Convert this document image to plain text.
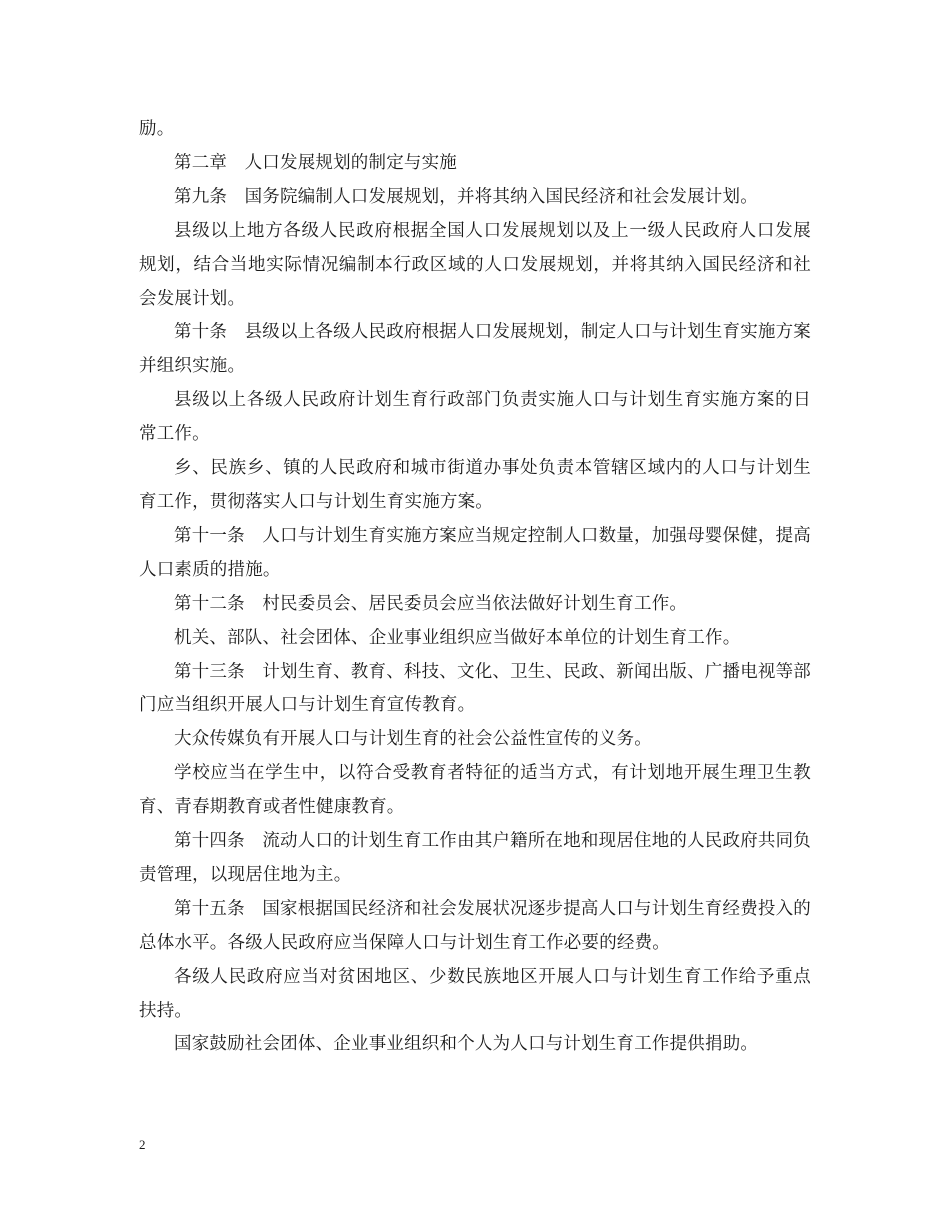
励。

第二章 人口发展规划的制定与实施

第九条 国务院编制人口发展规划，并将其纳入国民经济和社会发展计划。

县级以上地方各级人民政府根据全国人口发展规划以及上一级人民政府人口发展规划，结合当地实际情况编制本行政区域的人口发展规划，并将其纳入国民经济和社会发展计划。

第十条 县级以上各级人民政府根据人口发展规划，制定人口与计划生育实施方案并组织实施。

县级以上各级人民政府计划生育行政部门负责实施人口与计划生育实施方案的日常工作。

乡、民族乡、镇的人民政府和城市街道办事处负责本管辖区域内的人口与计划生育工作，贯彻落实人口与计划生育实施方案。

第十一条 人口与计划生育实施方案应当规定控制人口数量，加强母婴保健，提高人口素质的措施。

第十二条 村民委员会、居民委员会应当依法做好计划生育工作。

机关、部队、社会团体、企业事业组织应当做好本单位的计划生育工作。

第十三条 计划生育、教育、科技、文化、卫生、民政、新闻出版、广播电视等部门应当组织开展人口与计划生育宣传教育。

大众传媒负有开展人口与计划生育的社会公益性宣传的义务。

学校应当在学生中，以符合受教育者特征的适当方式，有计划地开展生理卫生教育、青春期教育或者性健康教育。

第十四条 流动人口的计划生育工作由其户籍所在地和现居住地的人民政府共同负责管理，以现居住地为主。

第十五条 国家根据国民经济和社会发展状况逐步提高人口与计划生育经费投入的总体水平。各级人民政府应当保障人口与计划生育工作必要的经费。

各级人民政府应当对贫困地区、少数民族地区开展人口与计划生育工作给予重点扶持。

国家鼓励社会团体、企业事业组织和个人为人口与计划生育工作提供捐助。

2
